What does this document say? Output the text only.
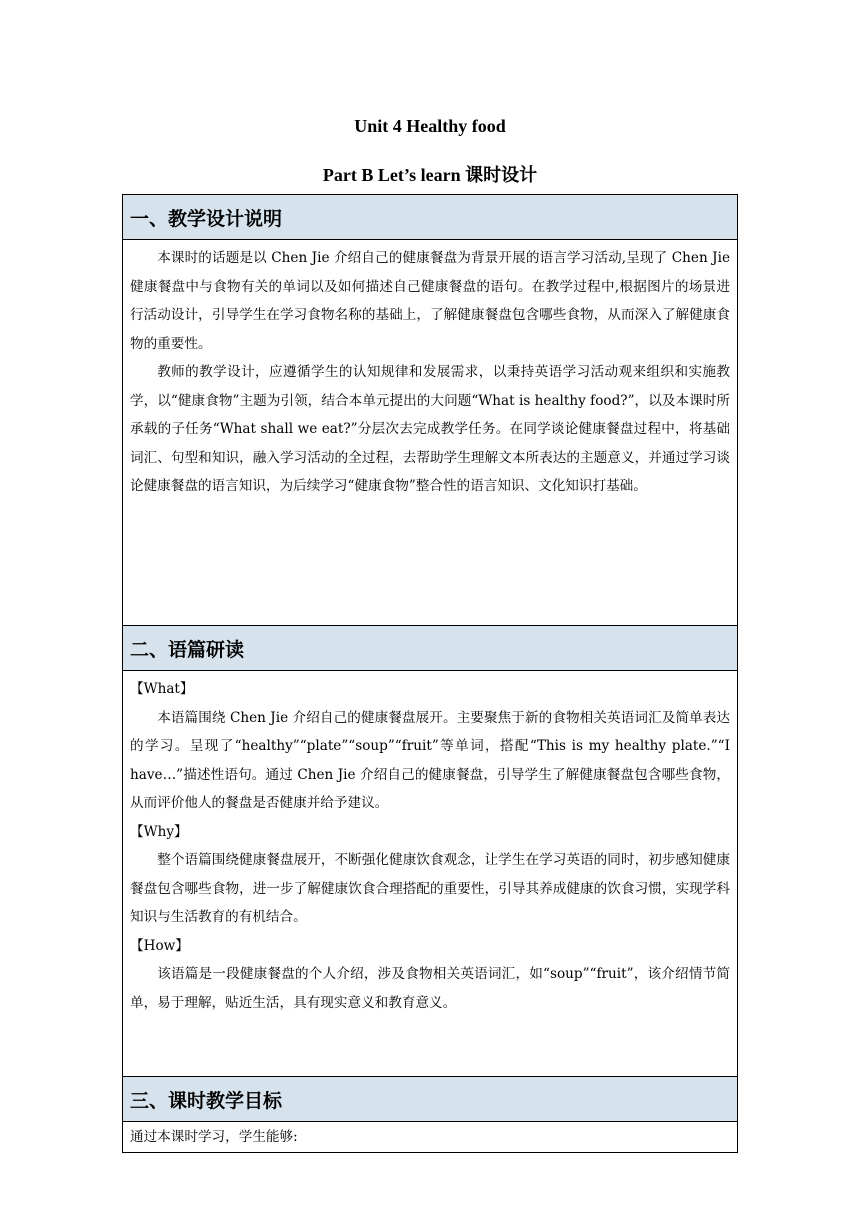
Unit 4 Healthy food
Part B Let’s learn 课时设计
一、教学设计说明

本课时的话题是以 Chen Jie 介绍自己的健康餐盘为背景开展的语言学习活动,呈现了 Chen Jie 健康餐盘中与食物有关的单词以及如何描述自己健康餐盘的语句。在教学过程中,根据图片的场景进行活动设计，引导学生在学习食物名称的基础上，了解健康餐盘包含哪些食物，从而深入了解健康食物的重要性。

教师的教学设计，应遵循学生的认知规律和发展需求，以秉持英语学习活动观来组织和实施教学，以“健康食物”主题为引领，结合本单元提出的大问题“What is healthy food?”，以及本课时所承载的子任务“What shall we eat?”分层次去完成教学任务。在同学谈论健康餐盘过程中，将基础词汇、句型和知识，融入学习活动的全过程，去帮助学生理解文本所表达的主题意义，并通过学习谈论健康餐盘的语言知识，为后续学习“健康食物”整合性的语言知识、文化知识打基础。

二、语篇研读

【What】

本语篇围绕 Chen Jie 介绍自己的健康餐盘展开。主要聚焦于新的食物相关英语词汇及简单表达的学习。呈现了“healthy”“plate”“soup”“fruit”等单词，搭配“This is my healthy plate.”“I have…”描述性语句。通过 Chen Jie 介绍自己的健康餐盘，引导学生了解健康餐盘包含哪些食物，从而评价他人的餐盘是否健康并给予建议。

【Why】

整个语篇围绕健康餐盘展开，不断强化健康饮食观念，让学生在学习英语的同时，初步感知健康餐盘包含哪些食物，进一步了解健康饮食合理搭配的重要性，引导其养成健康的饮食习惯，实现学科知识与生活教育的有机结合。

【How】

该语篇是一段健康餐盘的个人介绍，涉及食物相关英语词汇，如“soup”“fruit”，该介绍情节简单，易于理解，贴近生活，具有现实意义和教育意义。

三、课时教学目标

通过本课时学习，学生能够:
